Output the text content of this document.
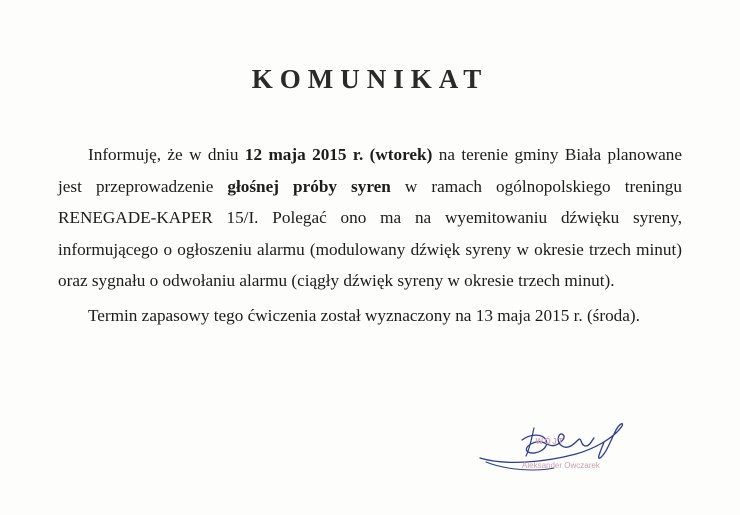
KOMUNIKAT

Informuję, że w dniu 12 maja 2015 r. (wtorek) na terenie gminy Biała planowane jest przeprowadzenie głośnej próby syren w ramach ogólnopolskiego treningu RENEGADE-KAPER 15/I. Polegać ono ma na wyemitowaniu dźwięku syreny, informującego o ogłoszeniu alarmu (modulowany dźwięk syreny w okresie trzech minut) oraz sygnału o odwołaniu alarmu (ciągły dźwięk syreny w okresie trzech minut).

Termin zapasowy tego ćwiczenia został wyznaczony na 13 maja 2015 r. (środa).

WÓJT
Aleksander Owczarek
